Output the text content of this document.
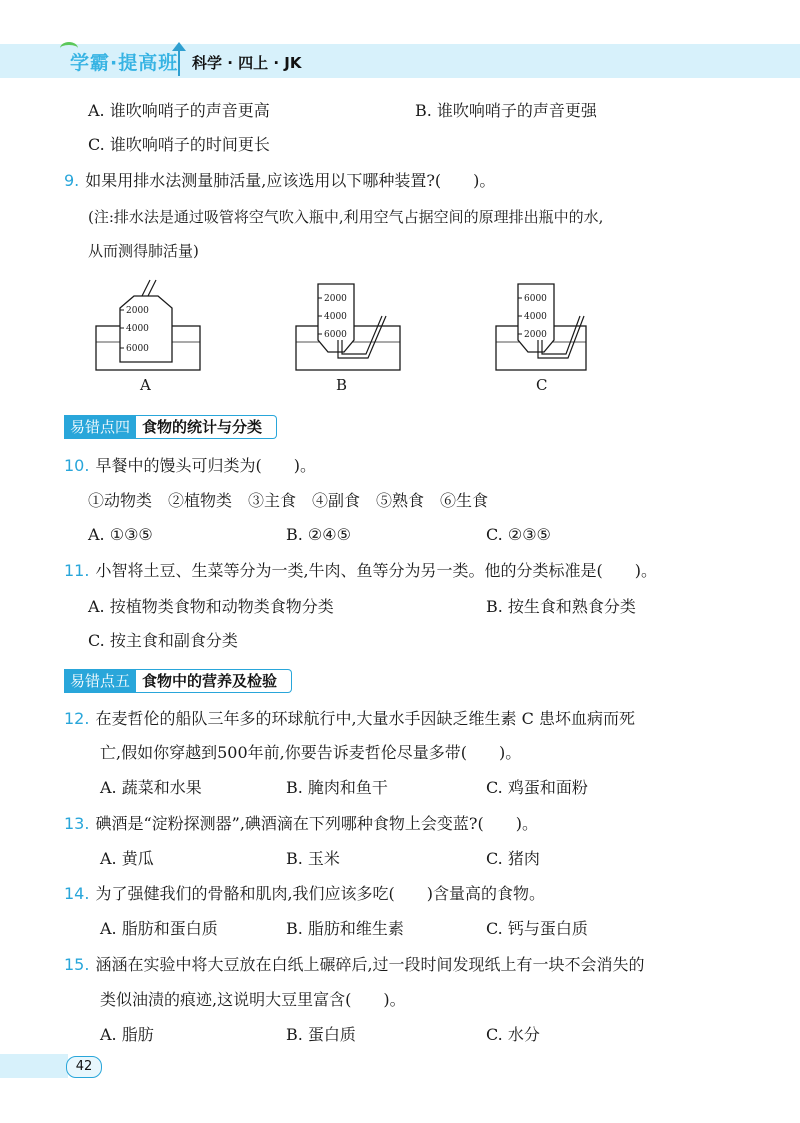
学霸·提高班 科学 · 四上 · JK
A. 谁吹响哨子的声音更高	B. 谁吹响哨子的声音更强
C. 谁吹响哨子的时间更长
9. 如果用排水法测量肺活量,应该选用以下哪种装置?(　　)。
(注:排水法是通过吸管将空气吹入瓶中,利用空气占据空间的原理排出瓶中的水,
从而测得肺活量)
2000
4000
6000
2000
4000
6000
6000
4000
2000
A	B	C
易错点四 食物的统计与分类
10. 早餐中的馒头可归类为(　　)。
①动物类　②植物类　③主食　④副食　⑤熟食　⑥生食
A. ①③⑤	B. ②④⑤	C. ②③⑤
11. 小智将土豆、生菜等分为一类,牛肉、鱼等分为另一类。他的分类标准是(　　)。
A. 按植物类食物和动物类食物分类	B. 按生食和熟食分类
C. 按主食和副食分类
易错点五 食物中的营养及检验
12. 在麦哲伦的船队三年多的环球航行中,大量水手因缺乏维生素 C 患坏血病而死
亡,假如你穿越到500年前,你要告诉麦哲伦尽量多带(　　)。
A. 蔬菜和水果	B. 腌肉和鱼干	C. 鸡蛋和面粉
13. 碘酒是“淀粉探测器”,碘酒滴在下列哪种食物上会变蓝?(　　)。
A. 黄瓜	B. 玉米	C. 猪肉
14. 为了强健我们的骨骼和肌肉,我们应该多吃(　　)含量高的食物。
A. 脂肪和蛋白质	B. 脂肪和维生素	C. 钙与蛋白质
15. 涵涵在实验中将大豆放在白纸上碾碎后,过一段时间发现纸上有一块不会消失的
类似油渍的痕迹,这说明大豆里富含(　　)。
A. 脂肪	B. 蛋白质	C. 水分
42
